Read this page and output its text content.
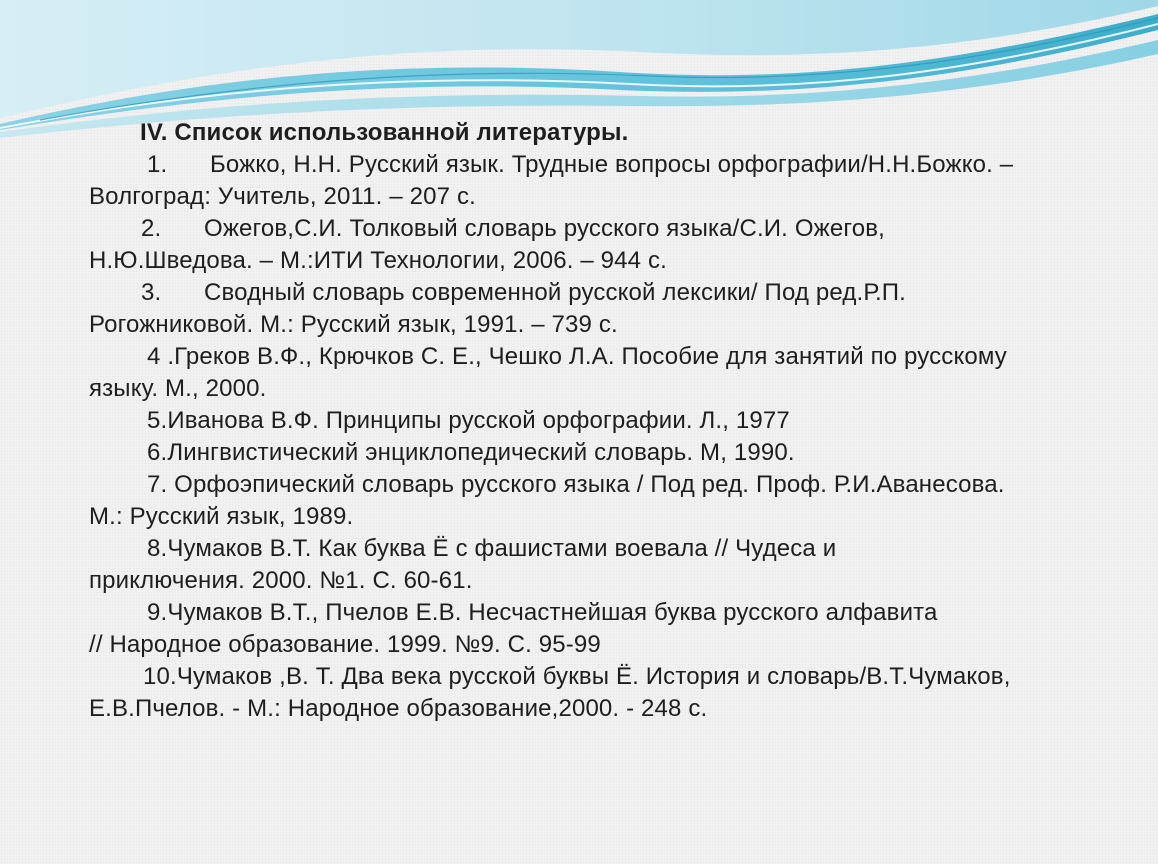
IV. Список использованной литературы.
1. Божко, Н.Н. Русский язык. Трудные вопросы орфографии/Н.Н.Божко. –
Волгоград: Учитель, 2011. – 207 с.
2. Ожегов,С.И. Толковый словарь русского языка/С.И. Ожегов,
Н.Ю.Шведова. – М.:ИТИ Технологии, 2006. – 944 с.
3. Сводный словарь современной русской лексики/ Под ред.Р.П.
Рогожниковой. М.: Русский язык, 1991. – 739 с.
4 .Греков В.Ф., Крючков С. Е., Чешко Л.А. Пособие для занятий по русскому
языку. М., 2000.
5.Иванова В.Ф. Принципы русской орфографии. Л., 1977
6.Лингвистический энциклопедический словарь. М, 1990.
7. Орфоэпический словарь русского языка / Под ред. Проф. Р.И.Аванесова.
М.: Русский язык, 1989.
8.Чумаков В.Т. Как буква Ё с фашистами воевала // Чудеса и
приключения. 2000. №1. С. 60-61.
9.Чумаков В.Т., Пчелов Е.В. Несчастнейшая буква русского алфавита
// Народное образование. 1999. №9. С. 95-99
10.Чумаков ,В. Т. Два века русской буквы Ё. История и словарь/В.Т.Чумаков,
Е.В.Пчелов. - М.: Народное образование,2000. - 248 с.
